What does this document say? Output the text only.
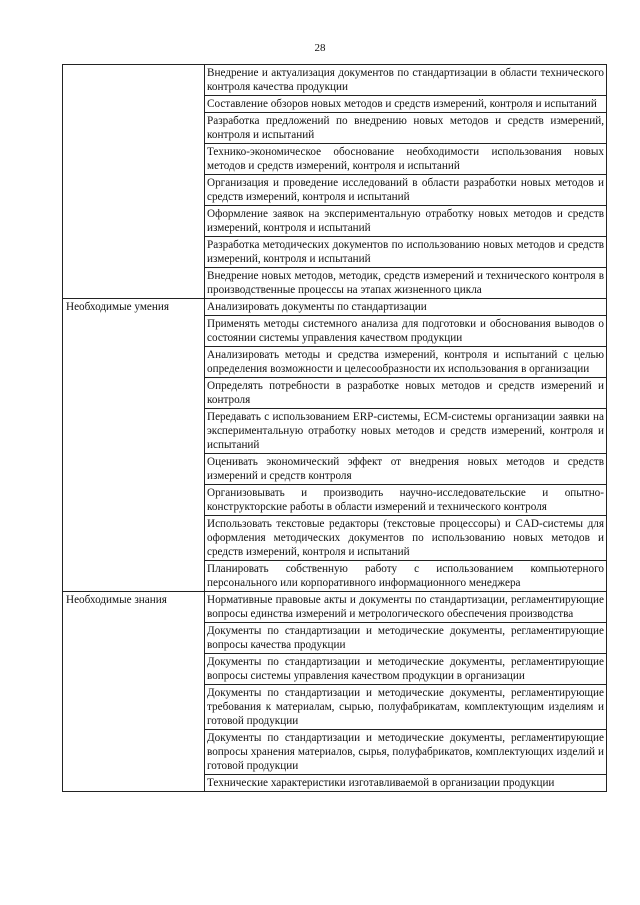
28
	Внедрение и актуализация документов по стандартизации в области технического контроля качества продукции
	Составление обзоров новых методов и средств измерений, контроля и испытаний
	Разработка предложений по внедрению новых методов и средств измерений, контроля и испытаний
	Технико-экономическое обоснование необходимости использования новых методов и средств измерений, контроля и испытаний
	Организация и проведение исследований в области разработки новых методов и средств измерений, контроля и испытаний
	Оформление заявок на экспериментальную отработку новых методов и средств измерений, контроля и испытаний
	Разработка методических документов по использованию новых методов и средств измерений, контроля и испытаний
	Внедрение новых методов, методик, средств измерений и технического контроля в производственные процессы на этапах жизненного цикла
Необходимые умения	Анализировать документы по стандартизации
	Применять методы системного анализа для подготовки и обоснования выводов о состоянии системы управления качеством продукции
	Анализировать методы и средства измерений, контроля и испытаний с целью определения возможности и целесообразности их использования в организации
	Определять потребности в разработке новых методов и средств измерений и контроля
	Передавать с использованием ERP-системы, ECM-системы организации заявки на экспериментальную отработку новых методов и средств измерений, контроля и испытаний
	Оценивать экономический эффект от внедрения новых методов и средств измерений и средств контроля
	Организовывать и производить научно-исследовательские и опытно-конструкторские работы в области измерений и технического контроля
	Использовать текстовые редакторы (текстовые процессоры) и CAD-системы для оформления методических документов по использованию новых методов и средств измерений, контроля и испытаний
	Планировать собственную работу с использованием компьютерного персонального или корпоративного информационного менеджера
Необходимые знания	Нормативные правовые акты и документы по стандартизации, регламентирующие вопросы единства измерений и метрологического обеспечения производства
	Документы по стандартизации и методические документы, регламентирующие вопросы качества продукции
	Документы по стандартизации и методические документы, регламентирующие вопросы системы управления качеством продукции в организации
	Документы по стандартизации и методические документы, регламентирующие требования к материалам, сырью, полуфабрикатам, комплектующим изделиям и готовой продукции
	Документы по стандартизации и методические документы, регламентирующие вопросы хранения материалов, сырья, полуфабрикатов, комплектующих изделий и готовой продукции
	Технические характеристики изготавливаемой в организации продукции
